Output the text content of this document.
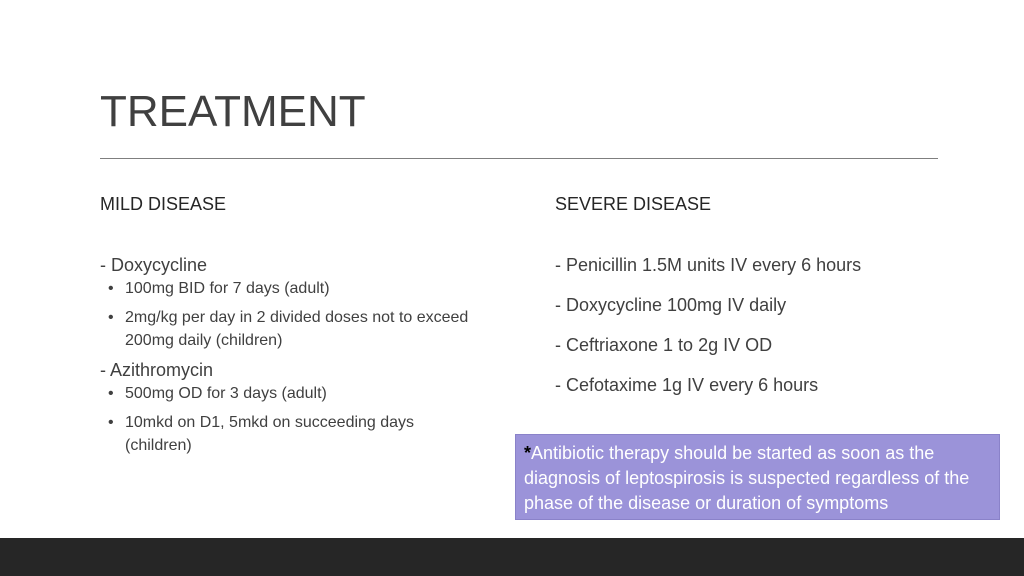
TREATMENT
MILD DISEASE	SEVERE DISEASE

- Doxycycline

• 100mg BID for 7 days (adult)
• 2mg/kg per day in 2 divided doses not to exceed 200mg daily (children)

- Azithromycin

• 500mg OD for 3 days (adult)
• 10mkd on D1, 5mkd on succeeding days (children)

- Penicillin 1.5M units IV every 6 hours

- Doxycycline 100mg IV daily

- Ceftriaxone 1 to 2g IV OD

- Cefotaxime 1g IV every 6 hours

*Antibiotic therapy should be started as soon as the diagnosis of leptospirosis is suspected regardless of the phase of the disease or duration of symptoms
